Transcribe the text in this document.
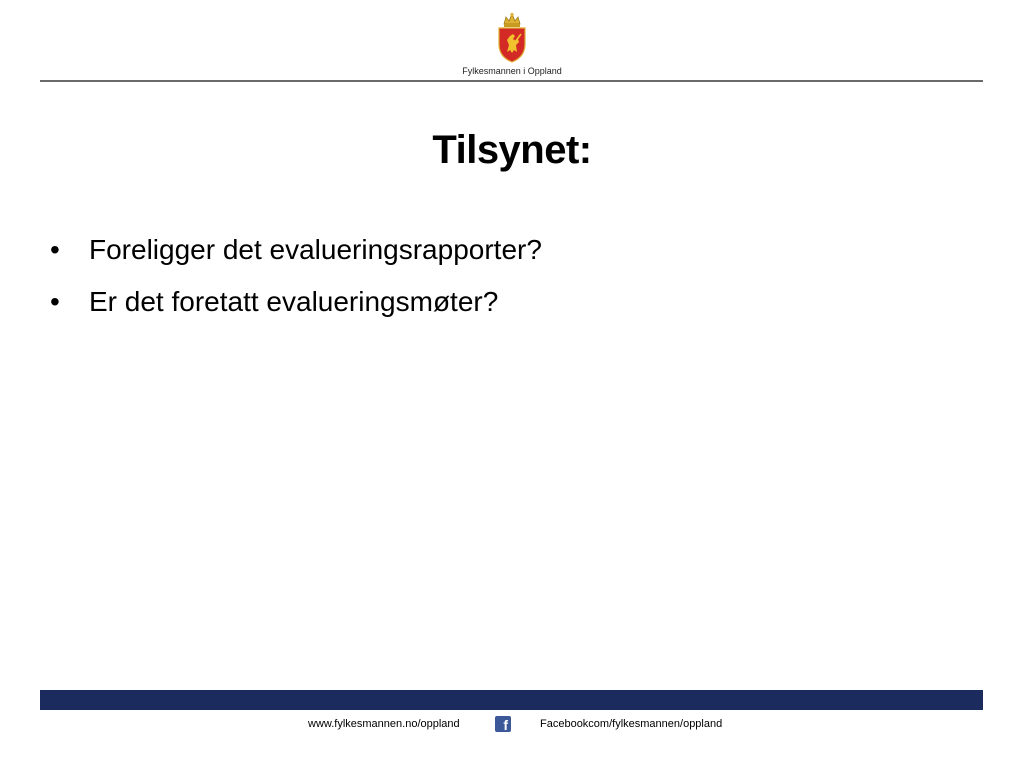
Fylkesmannen i Oppland
Tilsynet:
• Foreligger det evalueringsrapporter?
• Er det foretatt evalueringsmøter?
www.fylkesmannen.no/oppland	f	Facebookcom/fylkesmannen/oppland
